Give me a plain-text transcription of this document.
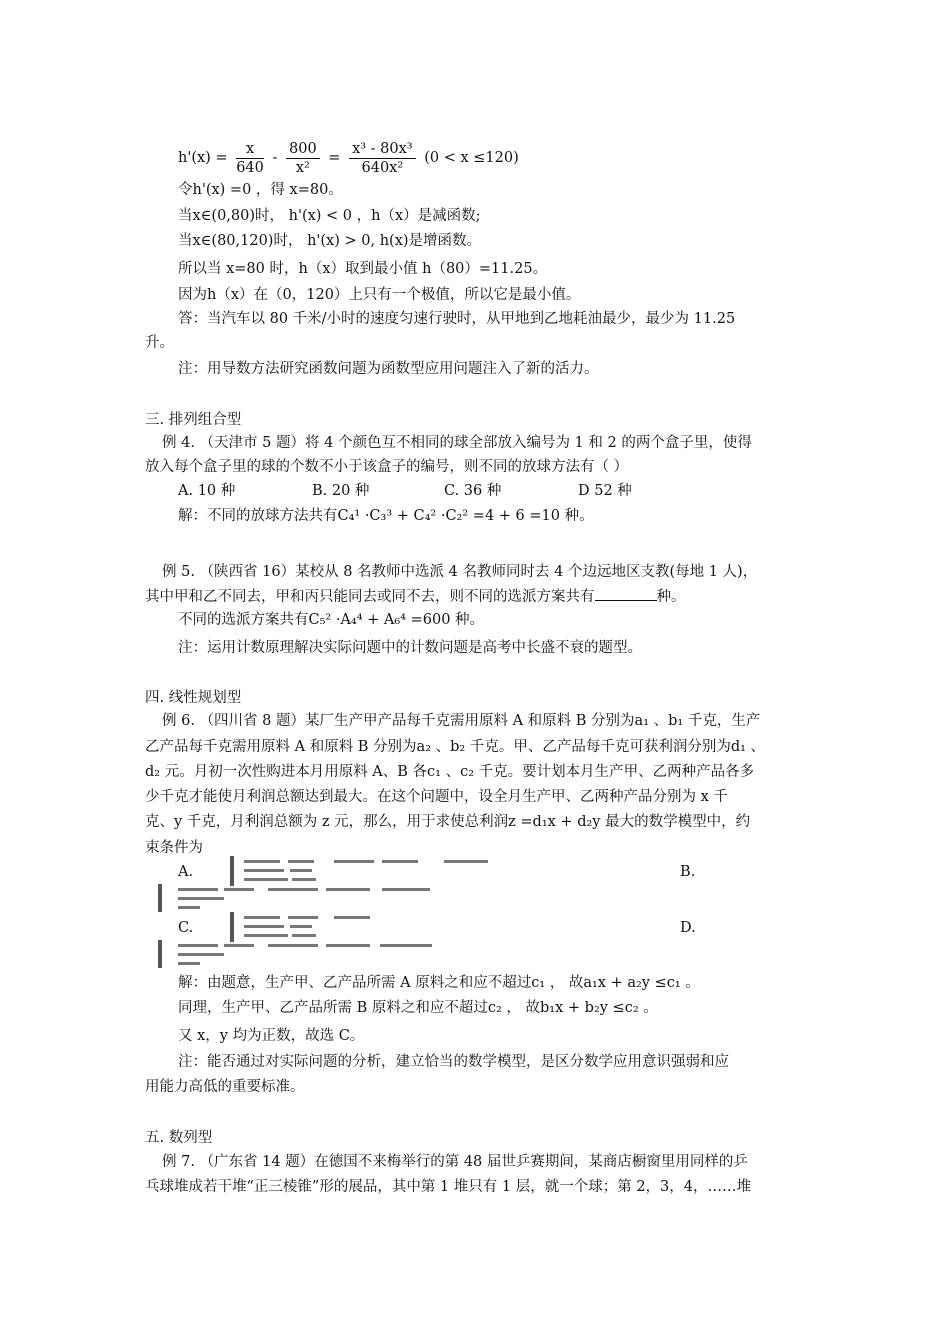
$h'(x) = \frac{x}{640} - \frac{800}{\text{x²}} = \frac{\text{x³ - 80x³}}{\text{640x²}} (0 < x \le 120)$
令h'(x) =0 ，得 x=80。
当x∈(0,80)时， h'(x) < 0 ，h（x）是减函数;
当x∈(80,120)时， h'(x) > 0, h(x)是增函数。
所以当 x=80 时，h（x）取到最小值 h（80）=11.25。
因为h（x）在（0，120）上只有一个极值，所以它是最小值。
答：当汽车以 80 千米/小时的速度匀速行驶时，从甲地到乙地耗油最少，最少为 11.25
升。
注：用导数方法研究函数问题为函数型应用问题注入了新的活力。
三. 排列组合型
例 4. （天津市 5 题）将 4 个颜色互不相同的球全部放入编号为 1 和 2 的两个盒子里，使得
放入每个盒子里的球的个数不小于该盒子的编号，则不同的放球方法有（ ）
A. 10 种	B. 20 种	C. 36 种	D 52 种
解：不同的放球方法共有C₄¹ ·C₃³ + C₄² ·C₂² =4 + 6 =10 种。
例 5. （陕西省 16）某校从 8 名教师中选派 4 名教师同时去 4 个边远地区支教(每地 1 人)，
其中甲和乙不同去，甲和丙只能同去或同不去，则不同的选派方案共有	种。
不同的选派方案共有C₅² ·A₄⁴ + A₆⁴ =600 种。
注：运用计数原理解决实际问题中的计数问题是高考中长盛不衰的题型。
四. 线性规划型
例 6. （四川省 8 题）某厂生产甲产品每千克需用原料 A 和原料 B 分别为a₁ 、b₁ 千克，生产
乙产品每千克需用原料 A 和原料 B 分别为a₂ 、b₂ 千克。甲、乙产品每千克可获利润分别为d₁ 、
d₂ 元。月初一次性购进本月用原料 A、B 各c₁ 、c₂ 千克。要计划本月生产甲、乙两种产品各多
少千克才能使月利润总额达到最大。在这个问题中，设全月生产甲、乙两种产品分别为 x 千
克、y 千克，月利润总额为 z 元，那么，用于求使总利润z =d₁x + d₂y 最大的数学模型中，约
束条件为
A.	B.
C.	D.
解：由题意，生产甲、乙产品所需 A 原料之和应不超过c₁ ， 故a₁x + a₂y ≤c₁ 。
同理，生产甲、乙产品所需 B 原料之和应不超过c₂ ， 故b₁x + b₂y ≤c₂ 。
又 x，y 均为正数，故选 C。
注：能否通过对实际问题的分析，建立恰当的数学模型，是区分数学应用意识强弱和应
用能力高低的重要标准。
五. 数列型
例 7. （广东省 14 题）在德国不来梅举行的第 48 届世乒赛期间，某商店橱窗里用同样的乒
乓球堆成若干堆“正三棱锥”形的展品，其中第 1 堆只有 1 层，就一个球；第 2，3，4，……堆
